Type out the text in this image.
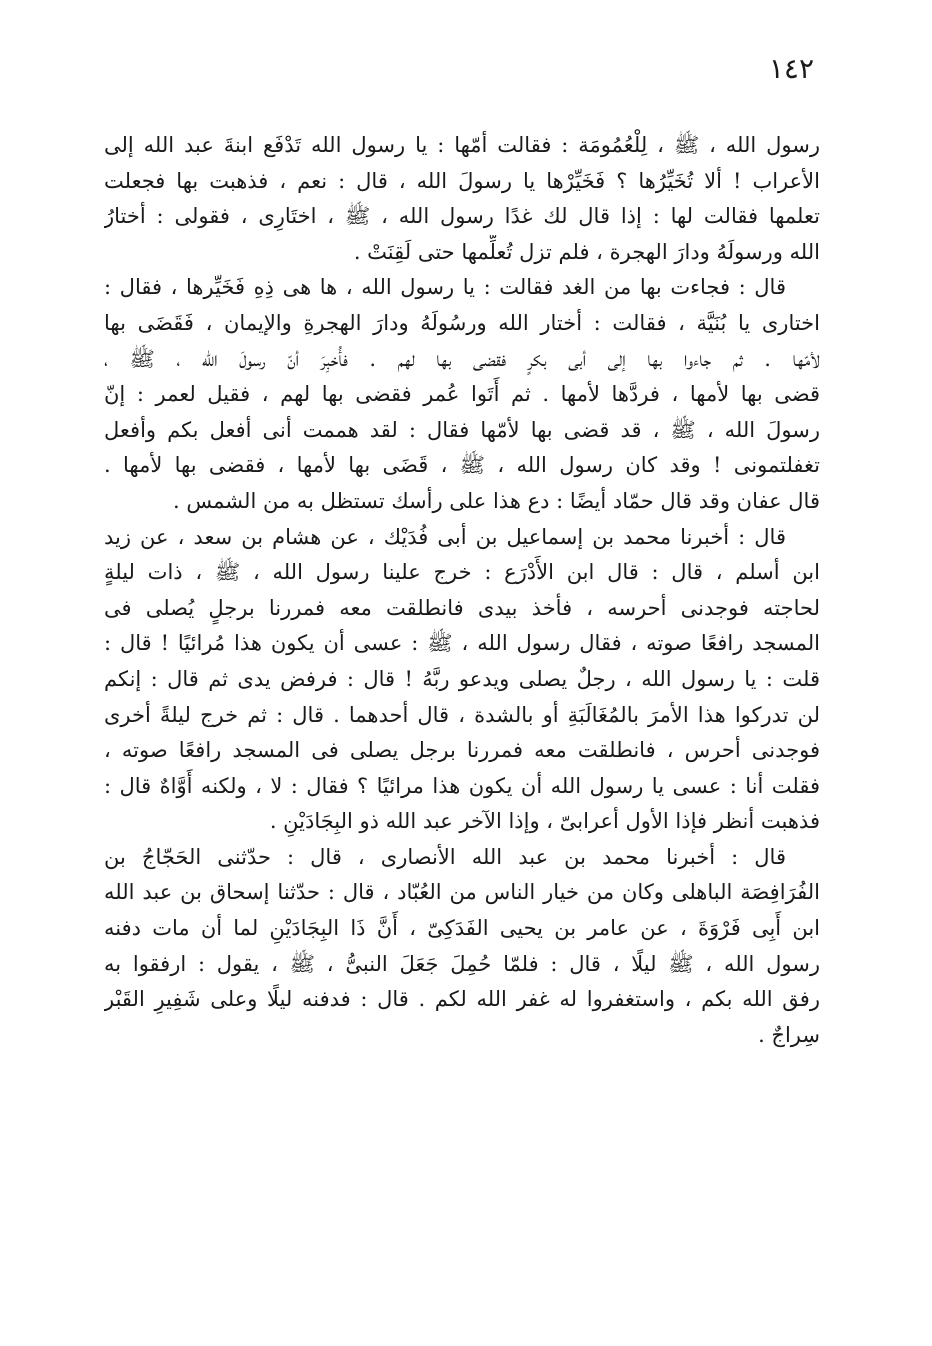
١٤٢
رسول الله ، ﷺ ، لِلْعُمُومَة : فقالت أمّها : يا رسول الله تَدْفَع ابنةَ عبد الله إلى
الأعراب ! ألا تُخَيِّرُها ؟ فَخَيِّرْها يا رسولَ الله ، قال : نعم ، فذهبت بها فجعلت
تعلمها فقالت لها : إذا قال لك غدًا رسول الله ، ﷺ ، اختَارِى ، فقولى : أختارُ
الله ورسولَهُ ودارَ الهجرة ، فلم تزل تُعلِّمها حتى لَقِنَتْ .
قال : فجاءت بها من الغد فقالت : يا رسول الله ، ها هى ذِهِ فَخَيِّرها ، فقال :
اختارى يا بُنَيَّة ، فقالت : أختار الله ورسُولَهُ ودارَ الهجرةِ والإيمان ، فَقَضَى بها
لأمّها . ثم جاءوا بها إلى أبى بكرٍ فقضى بها لهم . فأُخبِرَ أنّ رسولَ الله ، ﷺ ،
قضى بها لأمها ، فردَّها لأمها . ثم أَتَوا عُمر فقضى بها لهم ، فقيل لعمر : إنّ
رسولَ الله ، ﷺ ، قد قضى بها لأمّها فقال : لقد هممت أنى أفعل بكم وأفعل
تغفلتمونى ! وقد كان رسول الله ، ﷺ ، قَضَى بها لأمها ، فقضى بها لأمها .
قال عفان وقد قال حمّاد أيضًا : دع هذا على رأسك تستظل به من الشمس .
قال : أخبرنا محمد بن إسماعيل بن أبى فُدَيْك ، عن هشام بن سعد ، عن زيد
ابن أسلم ، قال : قال ابن الأَدْرَع : خرج علينا رسول الله ، ﷺ ، ذات ليلةٍ
لحاجته فوجدنى أحرسه ، فأخذ بيدى فانطلقت معه فمررنا برجلٍ يُصلى فى
المسجد رافعًا صوته ، فقال رسول الله ، ﷺ : عسى أن يكون هذا مُرائيًا ! قال :
قلت : يا رسول الله ، رجلٌ يصلى ويدعو ربَّهُ ! قال : فرفض يدى ثم قال : إنكم
لن تدركوا هذا الأمرَ بالمُغَالَبَةِ أو بالشدة ، قال أحدهما . قال : ثم خرج ليلةً أخرى
فوجدنى أحرس ، فانطلقت معه فمررنا برجل يصلى فى المسجد رافعًا صوته ،
فقلت أنا : عسى يا رسول الله أن يكون هذا مرائيًا ؟ فقال : لا ، ولكنه أَوَّاهٌ قال :
فذهبت أنظر فإذا الأول أعرابىّ ، وإذا الآخر عبد الله ذو البِجَادَيْنِ .
قال : أخبرنا محمد بن عبد الله الأنصارى ، قال : حدّثنى الحَجّاجُ بن
الفُرَافِصَة الباهلى وكان من خيار الناس من العُبّاد ، قال : حدّثنا إسحاق بن عبد الله
ابن أَبِى فَرْوَةَ ، عن عامر بن يحيى الفَدَكِىّ ، أَنَّ ذَا البِجَادَيْنِ لما أن مات دفنه
رسول الله ، ﷺ ليلًا ، قال : فلمّا حُمِلَ جَعَلَ النبىُّ ، ﷺ ، يقول : ارفقوا به
رفق الله بكم ، واستغفروا له غفر الله لكم . قال : فدفنه ليلًا وعلى شَفِيرِ القَبْر
سِراجٌ .
